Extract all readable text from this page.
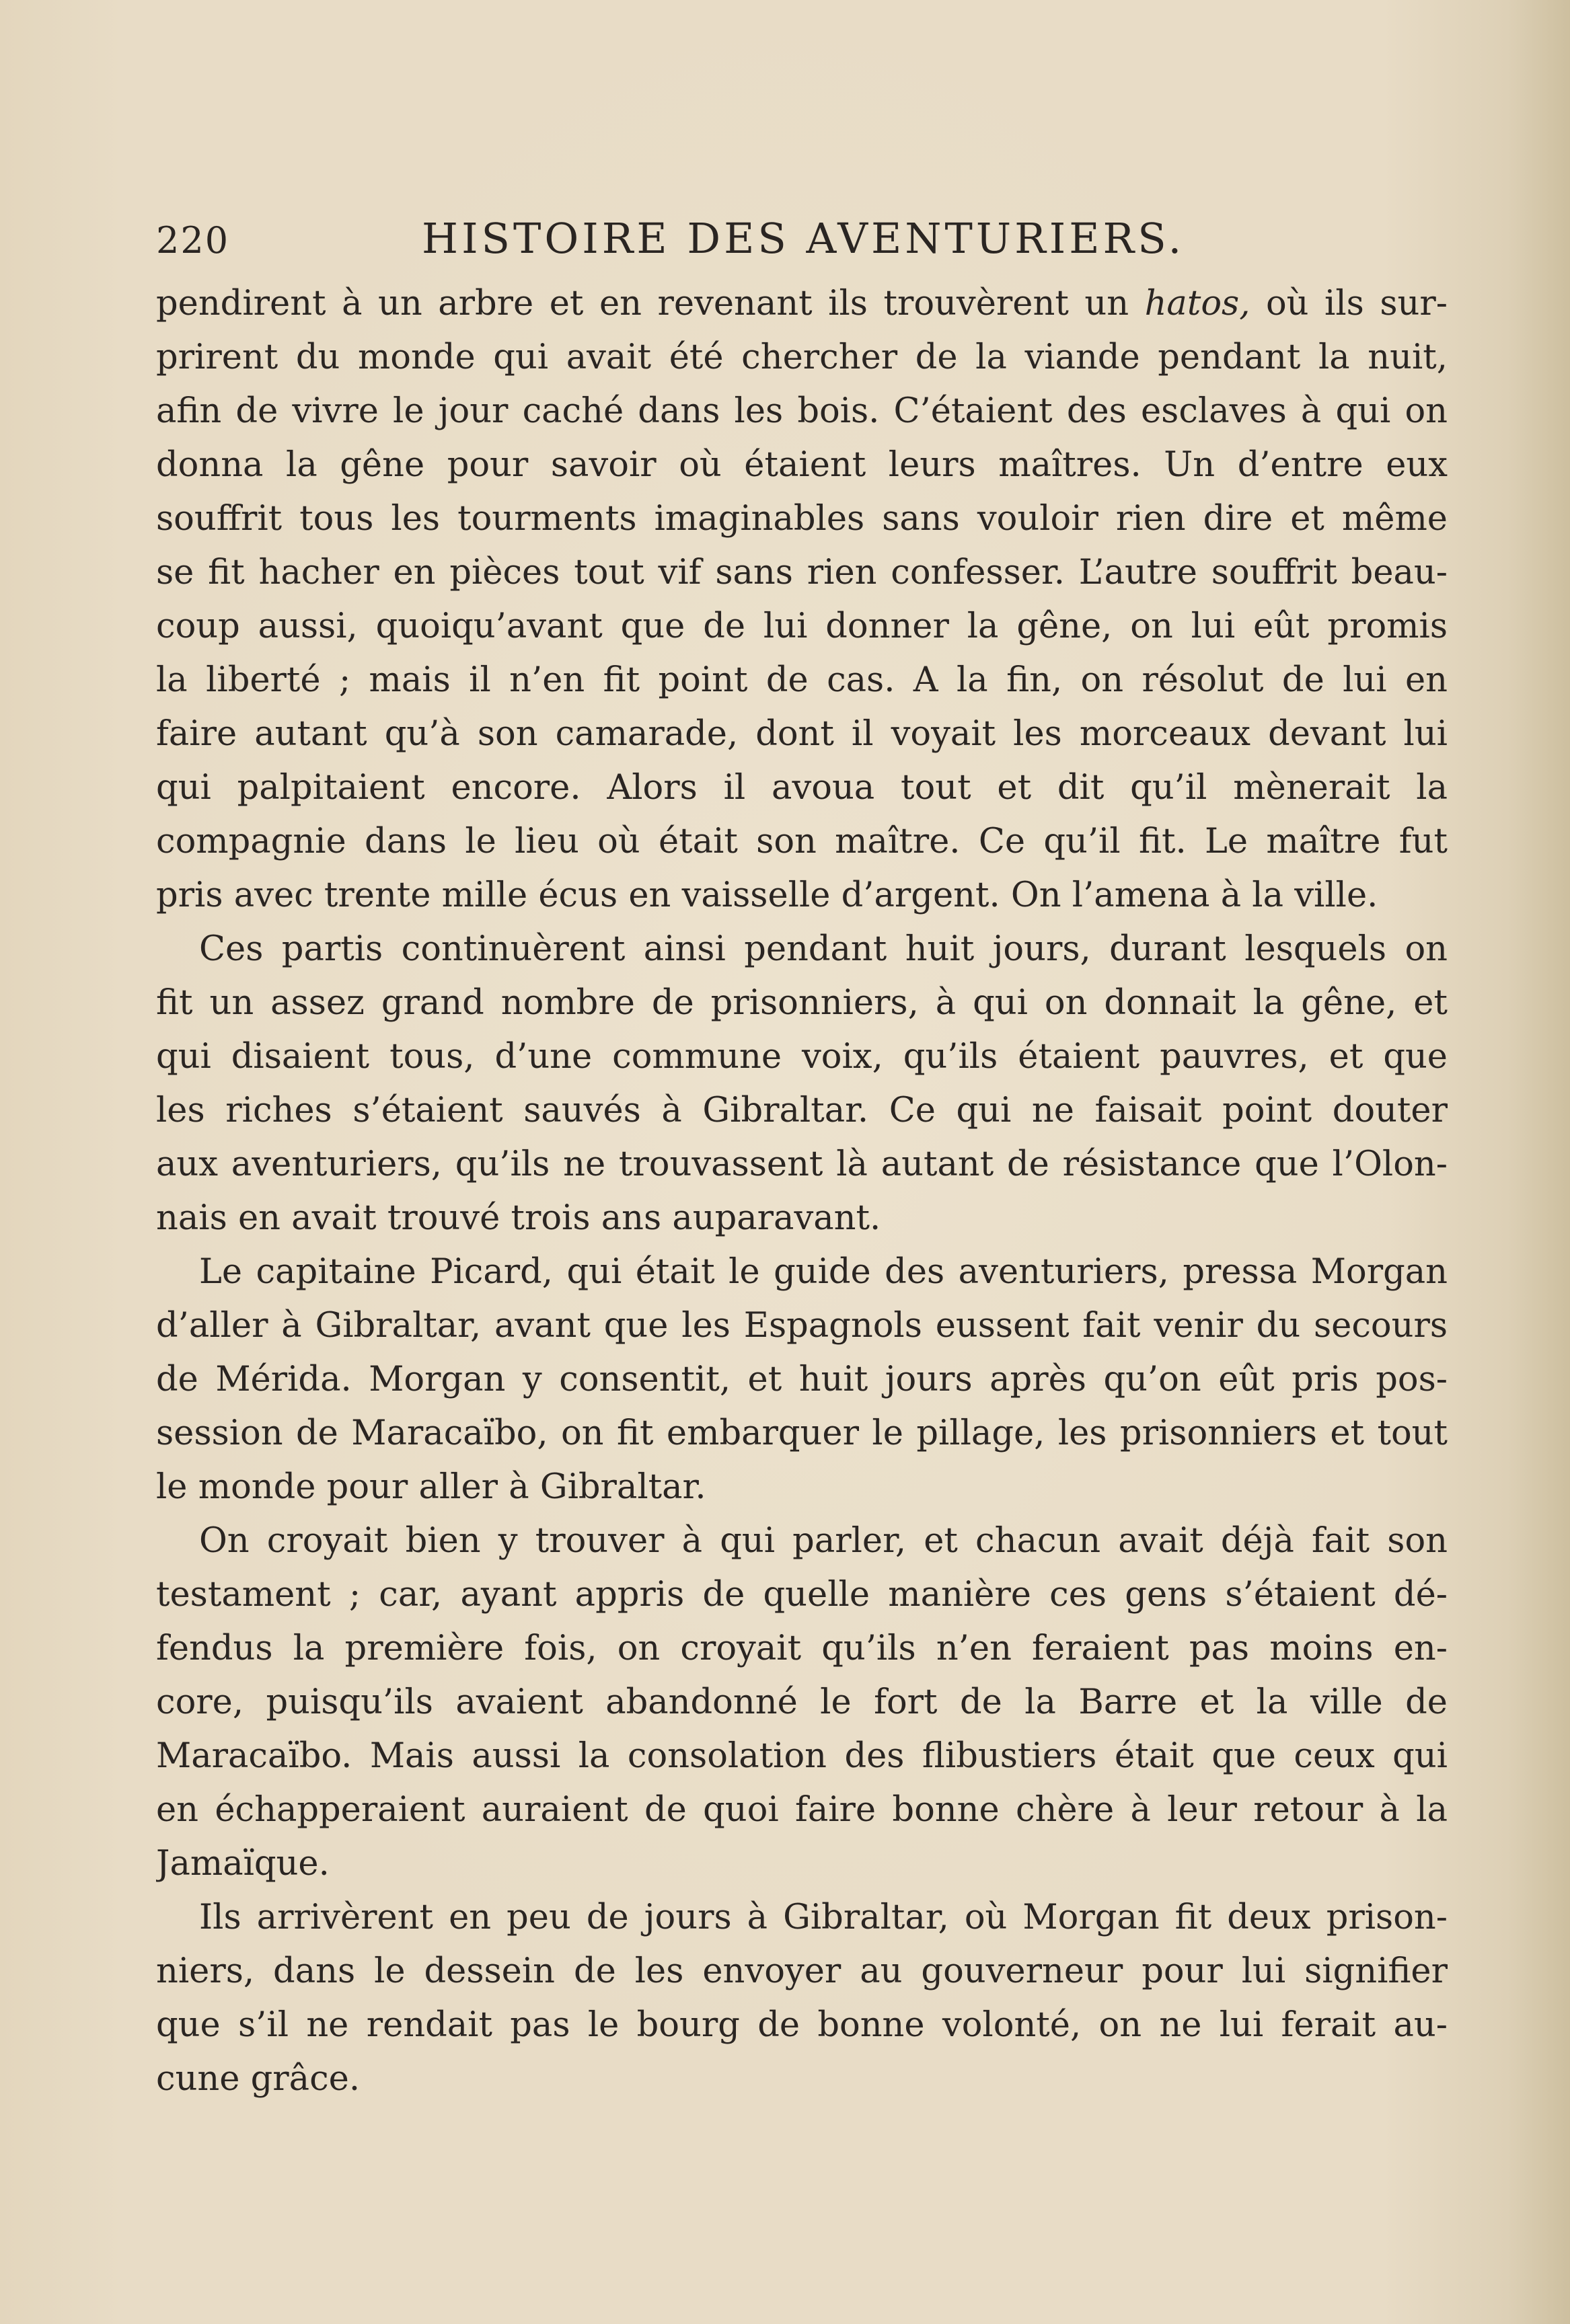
220	HISTOIRE DES AVENTURIERS.
pendirent à un arbre et en revenant ils trouvèrent un hatos, où ils sur-
prirent du monde qui avait été chercher de la viande pendant la nuit,
afin de vivre le jour caché dans les bois. C’étaient des esclaves à qui on
donna la gêne pour savoir où étaient leurs maîtres. Un d’entre eux
souffrit tous les tourments imaginables sans vouloir rien dire et même
se fit hacher en pièces tout vif sans rien confesser. L’autre souffrit beau-
coup aussi, quoiqu’avant que de lui donner la gêne, on lui eût promis
la liberté ; mais il n’en fit point de cas. A la fin, on résolut de lui en
faire autant qu’à son camarade, dont il voyait les morceaux devant lui
qui palpitaient encore. Alors il avoua tout et dit qu’il mènerait la
compagnie dans le lieu où était son maître. Ce qu’il fit. Le maître fut
pris avec trente mille écus en vaisselle d’argent. On l’amena à la ville.
Ces partis continuèrent ainsi pendant huit jours, durant lesquels on
fit un assez grand nombre de prisonniers, à qui on donnait la gêne, et
qui disaient tous, d’une commune voix, qu’ils étaient pauvres, et que
les riches s’étaient sauvés à Gibraltar. Ce qui ne faisait point douter
aux aventuriers, qu’ils ne trouvassent là autant de résistance que l’Olon-
nais en avait trouvé trois ans auparavant.
Le capitaine Picard, qui était le guide des aventuriers, pressa Morgan
d’aller à Gibraltar, avant que les Espagnols eussent fait venir du secours
de Mérida. Morgan y consentit, et huit jours après qu’on eût pris pos-
session de Maracaïbo, on fit embarquer le pillage, les prisonniers et tout
le monde pour aller à Gibraltar.
On croyait bien y trouver à qui parler, et chacun avait déjà fait son
testament ; car, ayant appris de quelle manière ces gens s’étaient dé-
fendus la première fois, on croyait qu’ils n’en feraient pas moins en-
core, puisqu’ils avaient abandonné le fort de la Barre et la ville de
Maracaïbo. Mais aussi la consolation des flibustiers était que ceux qui
en échapperaient auraient de quoi faire bonne chère à leur retour à la
Jamaïque.
Ils arrivèrent en peu de jours à Gibraltar, où Morgan fit deux prison-
niers, dans le dessein de les envoyer au gouverneur pour lui signifier
que s’il ne rendait pas le bourg de bonne volonté, on ne lui ferait au-
cune grâce.
